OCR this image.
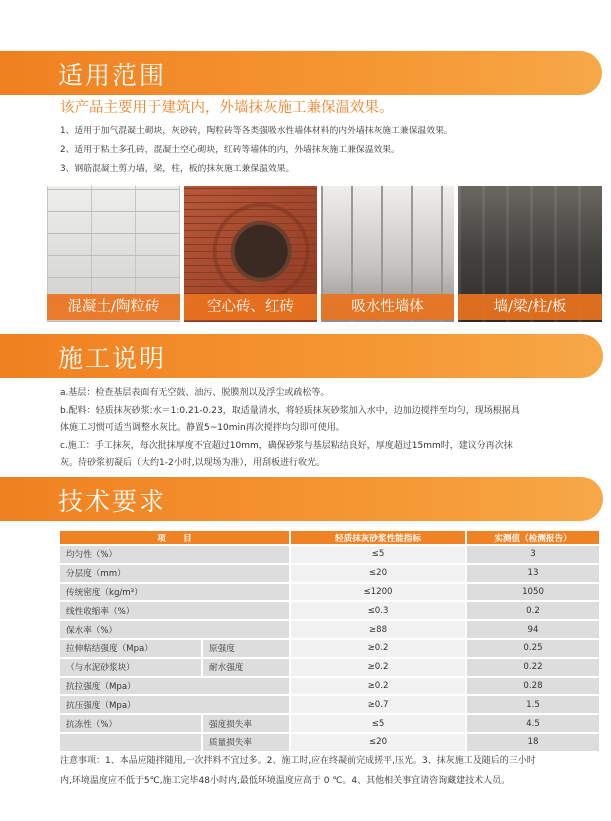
适用范围
该产品主要用于建筑内，外墙抹灰施工兼保温效果。
1、适用于加气混凝土砌块，灰砂砖，陶粒砖等各类强吸水性墙体材料的内外墙抹灰施工兼保温效果。
2、适用于粘土多孔砖，混凝土空心砌块，红砖等墙体的内，外墙抹灰施工兼保温效果。
3、钢筋混凝土剪力墙，梁，柱，板的抹灰施工兼保温效果。
混凝土/陶粒砖	空心砖、红砖	吸水性墙体	墙/梁/柱/板
施工说明
a.基层：检查基层表面有无空鼓、油污、脱膜剂以及浮尘或疏松等。
b.配料：轻质抹灰砂浆:水＝1:0.21-0.23，取适量清水，将轻质抹灰砂浆加入水中，边加边搅拌至均匀，现场根据具
体施工习惯可适当调整水灰比。静置5~10min再次搅拌均匀即可使用。
c.施工：手工抹灰，每次批抹厚度不宜超过10mm，确保砂浆与基层粘结良好，厚度超过15mm时，建议分再次抹
灰。待砂浆初凝后（大约1-2小时,以现场为准），用刮板进行收光。
技术要求
项　　目		轻质抹灰砂浆性能指标	实测值（检测报告）
均匀性（%）		≤5	3
分层度（mm）		≤20	13
传统密度（kg/m³）		≤1200	1050
线性收缩率（%）		≤0.3	0.2
保水率（%）		≥88	94
拉伸粘结强度（Mpa）	原强度	≥0.2	0.25
（与水泥砂浆块）	耐水强度	≥0.2	0.22
抗拉强度（Mpa）		≥0.2	0.28
抗压强度（Mpa）		≥0.7	1.5
抗冻性（%）	强度损失率	≤5	4.5
	质量损失率	≤20	18
注意事项：1、本品应随拌随用,一次拌料不宜过多。2、施工时,应在终凝前完成搓平,压光。3、抹灰施工及随后的三小时
内,环境温度应不低于5℃,施工完毕48小时内,最低环境温度应高于 0 ℃。4、其他相关事宜请咨询藏建技术人员。
